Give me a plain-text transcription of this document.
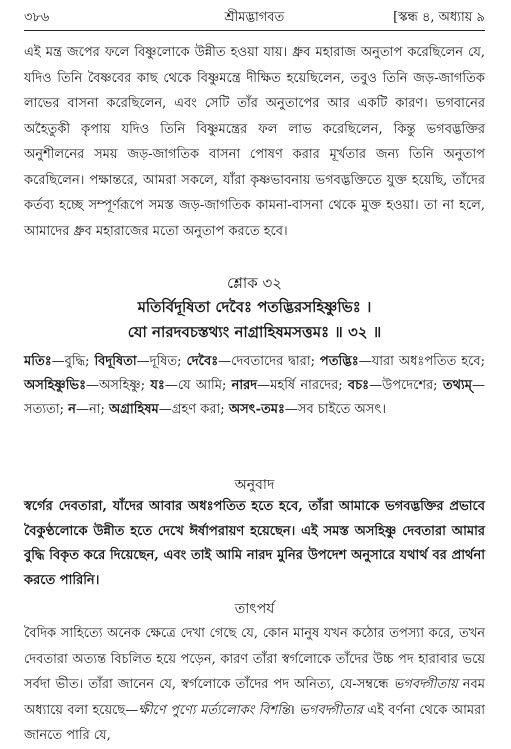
৩৮৬	শ্রীমদ্ভাগবত	[স্কন্ধ ৪, অধ্যায় ৯

এই মন্ত্র জপের ফলে বিষ্ণুলোকে উন্নীত হওয়া যায়। ধ্রুব মহারাজ অনুতাপ করেছিলেন যে, যদিও তিনি বৈষ্ণবের কাছ থেকে বিষ্ণুমন্ত্রে দীক্ষিত হয়েছিলেন, তবুও তিনি জড়-জাগতিক লাভের বাসনা করেছিলেন, এবং সেটি তাঁর অনুতাপের আর একটি কারণ। ভগবানের অহৈতুকী কৃপায় যদিও তিনি বিষ্ণুমন্ত্রের ফল লাভ করেছিলেন, কিন্তু ভগবদ্ভক্তির অনুশীলনের সময় জড়-জাগতিক বাসনা পোষণ করার মূর্খতার জন্য তিনি অনুতাপ করেছিলেন। পক্ষান্তরে, আমরা সকলে, যাঁরা কৃষ্ণভাবনায় ভগবদ্ভক্তিতে যুক্ত হয়েছি, তাঁদের কর্তব্য হচ্ছে সম্পূর্ণরূপে সমস্ত জড়-জাগতিক কামনা-বাসনা থেকে মুক্ত হওয়া। তা না হলে, আমাদের ধ্রুব মহারাজের মতো অনুতাপ করতে হবে।

শ্লোক ৩২
মতির্বিদূষিতা দেবৈঃ পতদ্ভিরসহিষ্ণুভিঃ ।
যো নারদবচস্তথ্যং নাগ্রাহিষমসত্তমঃ ॥ ৩২ ॥

মতিঃ—বুদ্ধি; বিদূষিতা—দূষিত; দেবৈঃ—দেবতাদের দ্বারা; পতদ্ভিঃ—যারা অধঃপতিত হবে; অসহিষ্ণুভিঃ—অসহিষ্ণু; যঃ—যে আমি; নারদ—মহর্ষি নারদের; বচঃ—উপদেশের; তথ্যম্—সত্যতা; ন—না; অগ্রাহিষম—গ্রহণ করা; অসৎ-তমঃ—সব চাইতে অসৎ।

অনুবাদ

স্বর্গের দেবতারা, যাঁদের আবার অধঃপতিত হতে হবে, তাঁরা আমাকে ভগবদ্ভক্তির প্রভাবে বৈকুণ্ঠলোকে উন্নীত হতে দেখে ঈর্ষাপরায়ণ হয়েছেন। এই সমস্ত অসহিষ্ণু দেবতারা আমার বুদ্ধি বিকৃত করে দিয়েছেন, এবং তাই আমি নারদ মুনির উপদেশ অনুসারে যথার্থ বর প্রার্থনা করতে পারিনি।

তাৎপর্য

বৈদিক সাহিত্যে অনেক ক্ষেত্রে দেখা গেছে যে, কোন মানুষ যখন কঠোর তপস্যা করে, তখন দেবতারা অত্যন্ত বিচলিত হয়ে পড়েন, কারণ তাঁরা স্বর্গলোকে তাঁদের উচ্চ পদ হারাবার ভয়ে সর্বদা ভীত। তাঁরা জানেন যে, স্বর্গলোকে তাঁদের পদ অনিত্য, যে-সম্বন্ধে ভগবদ্গীতায় নবম অধ্যায়ে বলা হয়েছে—ক্ষীণে পুণ্যে মর্ত্যলোকং বিশন্তি। ভগবদ্গীতার এই বর্ণনা থেকে আমরা জানতে পারি যে,
